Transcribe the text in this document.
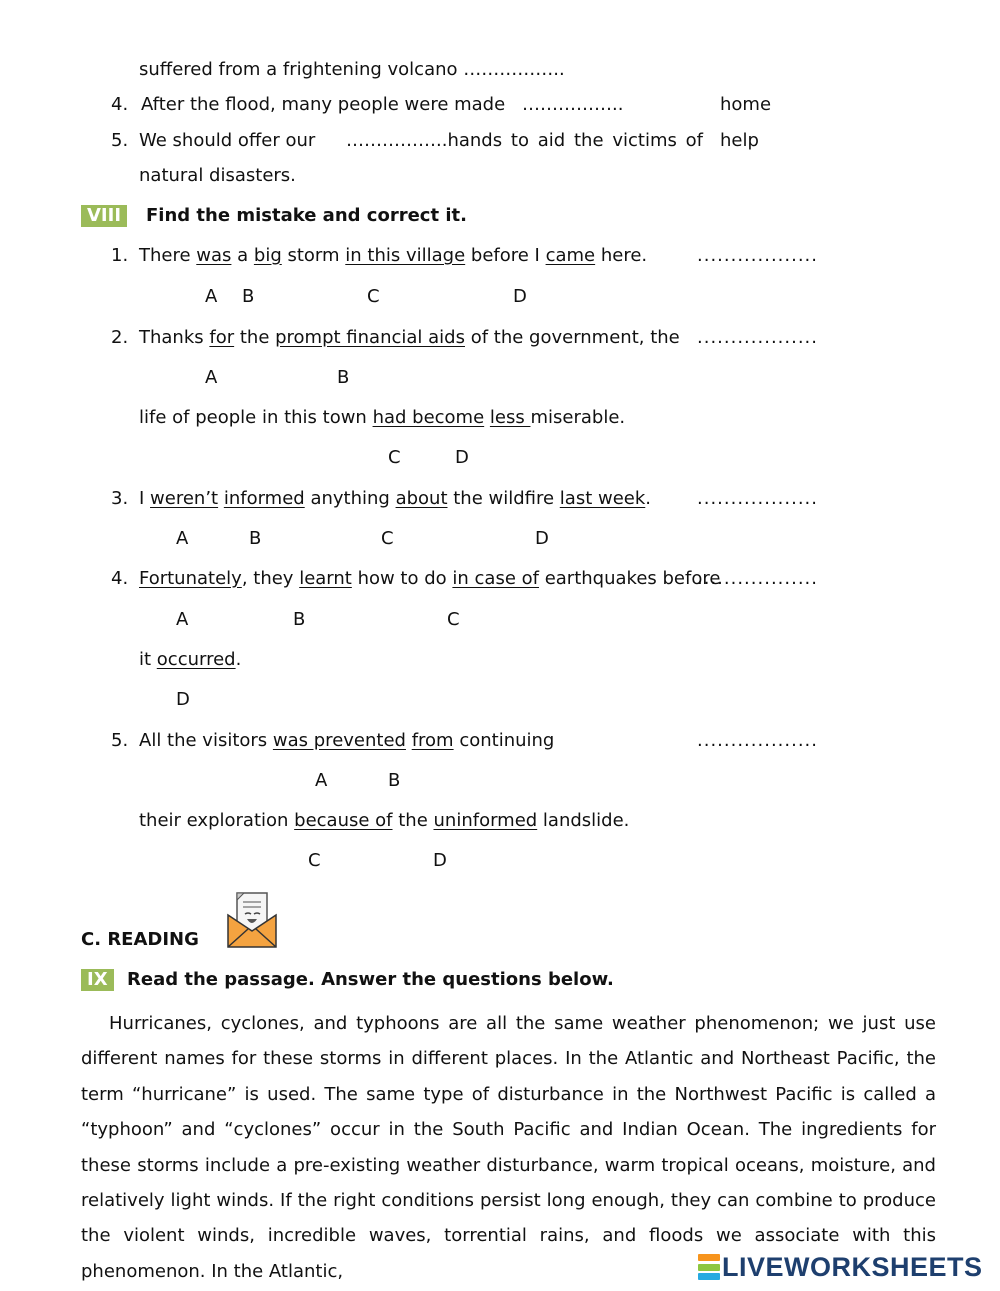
suffered from a frightening volcano ……………..
4. After the flood, many people were made ……………..	home
5. We should offer our ……………..hands to aid the victims of help
natural disasters.
VIII	Find the mistake and correct it.
1. There was a big storm in this village before I came here.	..................
A B	C	D
2. Thanks for the prompt financial aids of the government, the ..................
A	B
life of people in this town had become less miserable.
C	D
3. I weren’t informed anything about the wildfire last week.	..................
A	B	C	D
4. Fortunately, they learnt how to do in case of earthquakes before
..................
A	B	C
it occurred.
D
5. All the visitors was prevented from continuing	..................
A	B
their exploration because of the uninformed landslide.
C	D
C. READING
IX	Read the passage. Answer the questions below.
Hurricanes, cyclones, and typhoons are all the same weather phenomenon; we just use different names for these storms in different places. In the Atlantic and Northeast Pacific, the term “hurricane” is used. The same type of disturbance in the Northwest Pacific is called a “typhoon” and “cyclones” occur in the South Pacific and Indian Ocean. The ingredients for these storms include a pre-existing weather disturbance, warm tropical oceans, moisture, and relatively light winds. If the right conditions persist long enough, they can combine to produce the violent winds, incredible waves, torrential rains, and floods we associate with this phenomenon. In the Atlantic,	LIVEWORKSHEETS
